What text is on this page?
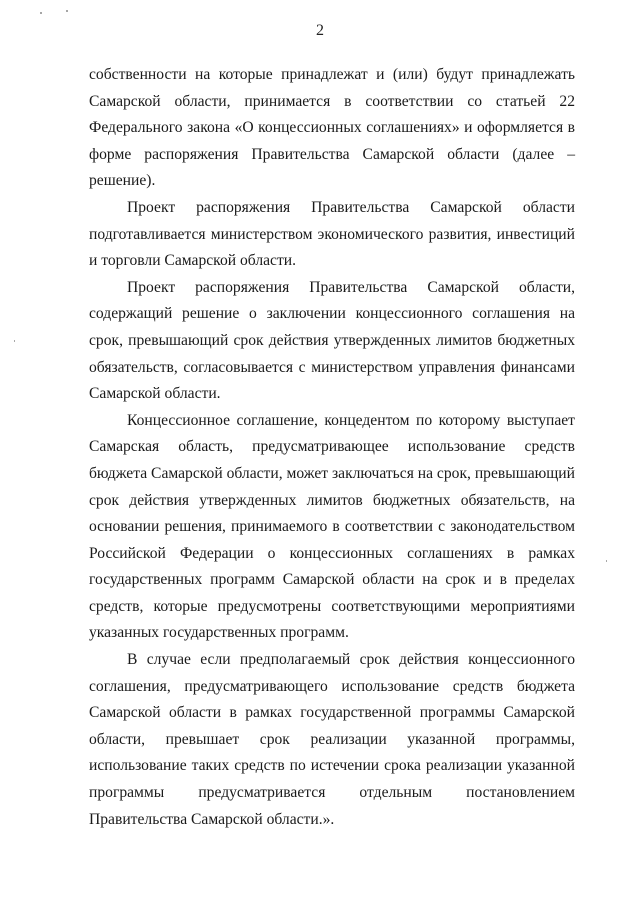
2

собственности на которые принадлежат и (или) будут принадлежать Самарской области, принимается в соответствии со статьей 22 Федерального закона «О концессионных соглашениях» и оформляется в форме распоряжения Правительства Самарской области (далее – решение).

Проект распоряжения Правительства Самарской области подготавливается министерством экономического развития, инвестиций и торговли Самарской области.

Проект распоряжения Правительства Самарской области, содержащий решение о заключении концессионного соглашения на срок, превышающий срок действия утвержденных лимитов бюджетных обязательств, согласовывается с министерством управления финансами Самарской области.

Концессионное соглашение, концедентом по которому выступает Самарская область, предусматривающее использование средств бюджета Самарской области, может заключаться на срок, превышающий срок действия утвержденных лимитов бюджетных обязательств, на основании решения, принимаемого в соответствии с законодательством Российской Федерации о концессионных соглашениях в рамках государственных программ Самарской области на срок и в пределах средств, которые предусмотрены соответствующими мероприятиями указанных государственных программ.

В случае если предполагаемый срок действия концессионного соглашения, предусматривающего использование средств бюджета Самарской области в рамках государственной программы Самарской области, превышает срок реализации указанной программы, использование таких средств по истечении срока реализации указанной программы предусматривается отдельным постановлением Правительства Самарской области.».
